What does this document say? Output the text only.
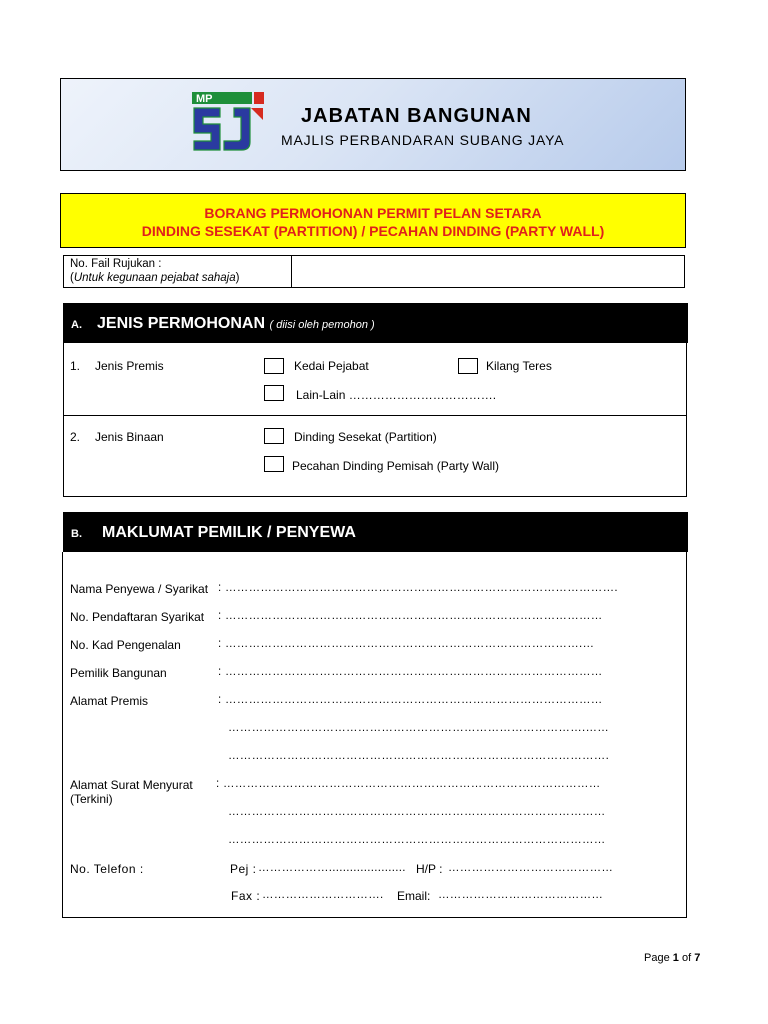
MP
JABATAN BANGUNAN
MAJLIS PERBANDARAN SUBANG JAYA
BORANG PERMOHONAN PERMIT PELAN SETARA
DINDING SESEKAT (PARTITION) / PECAHAN DINDING (PARTY WALL)
No. Fail Rujukan :
(Untuk kegunaan pejabat sahaja)
A. JENIS PERMOHONAN ( diisi oleh pemohon )
1. Jenis Premis	Kedai Pejabat	Kilang Teres
Lain-Lain ……………………………….
2. Jenis Binaan	Dinding Sesekat (Partition)
Pecahan Dinding Pemisah (Party Wall)
B. MAKLUMAT PEMILIK / PENYEWA
Nama Penyewa / Syarikat : ……………………………………………………………………………………….
No. Pendaftaran Syarikat : ……………………………………………………………………………………
No. Kad Pengenalan	: ……………………………………………………………………………….…
Pemilik Bangunan	: ……………………………………………………………………………………
Alamat Premis	: ……………………………………………………………………………………
……………………………………………………………………………….……
…………………………………………………………………………………….
Alamat Surat Menyurat
(Terkini)
: ……………………………………………………………………………………
……………………………………………………………………………………
……………………………………………………………………………………
No. Telefon :	Pej : ………………...................... H/P : ……………………………………
Fax : …………………………. Email: ……………………………………
Page 1 of 7
